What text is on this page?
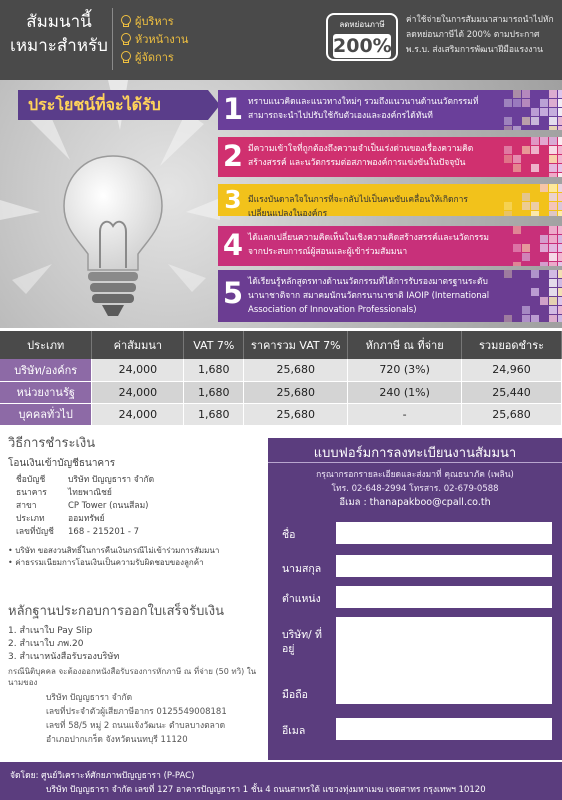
สัมมนานี้
เหมาะสำหรับ
ผู้บริหาร
หัวหน้างาน
ผู้จัดการ
ลดหย่อนภาษี
200%
ค่าใช้จ่ายในการสัมมนาสามารถนำไปหักลดหย่อนภาษีได้ 200% ตามประกาศ พ.ร.บ. ส่งเสริมการพัฒนาฝีมือแรงงาน
ประโยชน์ที่จะได้รับ	1 ทราบแนวคิดและแนวทางใหม่ๆ รวมถึงแนวนานด้านนวัตกรรมที่สามารถจะนำไปปรับใช้กับตัวเองและองค์กรได้ทันที
2 มีความเข้าใจที่ถูกต้องถึงความจำเป็นเร่งด่วนของเรื่องความคิดสร้างสรรค์ และนวัตกรรมต่อสภาพองค์การแข่งขันในปัจจุบัน
3 มีแรงบันดาลใจในการที่จะกลับไปเป็นคนขับเคลื่อนให้เกิดการเปลี่ยนแปลงในองค์กร
4 ได้แลกเปลี่ยนความคิดเห็นในเชิงความคิดสร้างสรรค์และนวัตกรรม จากประสบการณ์ผู้สอนและผู้เข้าร่วมสัมมนา
5 ได้เรียนรู้หลักสูตรทางด้านนวัตกรรมที่ได้การรับรองมาตรฐานระดับนานาชาติจาก สมาคมนักนวัตกรนานาชาติ IAOIP (International Association of Innovation Professionals)
ประเภท	ค่าสัมมนา	VAT 7%	ราคารวม VAT 7%	หักภาษี ณ ที่จ่าย	รวมยอดชำระ
บริษัท/องค์กร	24,000	1,680	25,680	720 (3%)	24,960
หน่วยงานรัฐ	24,000	1,680	25,680	240 (1%)	25,440
บุคคลทั่วไป	24,000	1,680	25,680	-	25,680
วิธีการชำระเงิน
โอนเงินเข้าบัญชีธนาคาร
ชื่อบัญชี	บริษัท ปัญญธารา จำกัด
ธนาคาร	ไทยพาณิชย์
สาขา	CP Tower (ถนนสีลม)
ประเภท	ออมทรัพย์
เลขที่บัญชี	168 - 215201 - 7
• บริษัท ขอสงวนสิทธิ์ในการคืนเงินกรณีไม่เข้าร่วมการสัมมนา
• ค่าธรรมเนียมการโอนเงินเป็นความรับผิดชอบของลูกค้า
หลักฐานประกอบการออกใบเสร็จรับเงิน
1. สำเนาใบ Pay Slip
2. สำเนาใบ ภพ.20
3. สำเนาหนังสือรับรองบริษัท
กรณีนิติบุคคล จะต้องออกหนังสือรับรองการหักภาษี ณ ที่จ่าย (50 ทวิ) ในนามของ
บริษัท ปัญญธารา จำกัด
เลขที่ประจำตัวผู้เสียภาษีอากร 0125549008181
เลขที่ 58/5 หมู่ 2 ถนนแจ้งวัฒนะ ตำบลบางตลาด
อำเภอปากเกร็ด จังหวัดนนทบุรี 11120
แบบฟอร์มการลงทะเบียนงานสัมมนา
กรุณากรอกรายละเอียดและส่งมาที่ คุณธนาภัค (เพลิน)
โทร. 02-648-2994 โทรสาร. 02-679-0588
อีเมล : thanapakboo@cpall.co.th
ชื่อ
นามสกุล
ตำแหน่ง
บริษัท/ ที่อยู่
มือถือ
อีเมล
จัดโดย: ศูนย์วิเคราะห์ศักยภาพปัญญธารา (P-PAC)
บริษัท ปัญญธารา จำกัด เลขที่ 127 อาคารปัญญธารา 1 ชั้น 4 ถนนสาทรใต้ แขวงทุ่งมหาเมฆ เขตสาทร กรุงเทพฯ 10120
